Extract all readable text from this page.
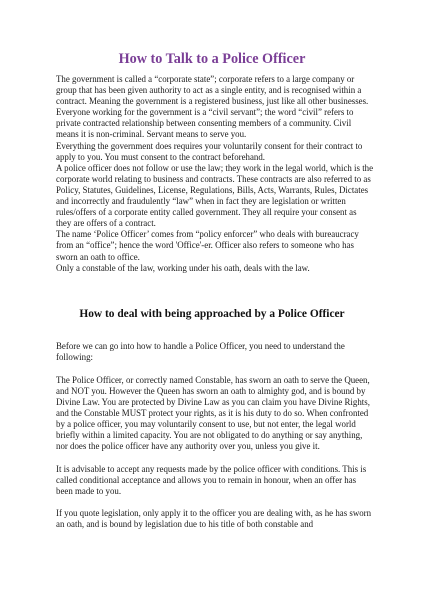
How to Talk to a Police Officer

The government is called a “corporate state”; corporate refers to a large company or group that has been given authority to act as a single entity, and is recognised within a contract. Meaning the government is a registered business, just like all other businesses.

Everyone working for the government is a “civil servant”; the word “civil” refers to private contracted relationship between consenting members of a community. Civil means it is non-criminal. Servant means to serve you.

Everything the government does requires your voluntarily consent for their contract to apply to you. You must consent to the contract beforehand.

A police officer does not follow or use the law; they work in the legal world, which is the corporate world relating to business and contracts. These contracts are also referred to as Policy, Statutes, Guidelines, License, Regulations, Bills, Acts, Warrants, Rules, Dictates and incorrectly and fraudulently “law” when in fact they are legislation or written rules/offers of a corporate entity called government. They all require your consent as they are offers of a contract.

The name ‘Police Officer’ comes from “policy enforcer” who deals with bureaucracy from an “office”; hence the word 'Office'-er. Officer also refers to someone who has sworn an oath to office.

Only a constable of the law, working under his oath, deals with the law.

How to deal with being approached by a Police Officer

Before we can go into how to handle a Police Officer, you need to understand the following:

The Police Officer, or correctly named Constable, has sworn an oath to serve the Queen, and NOT you. However the Queen has sworn an oath to almighty god, and is bound by Divine Law. You are protected by Divine Law as you can claim you have Divine Rights, and the Constable MUST protect your rights, as it is his duty to do so. When confronted by a police officer, you may voluntarily consent to use, but not enter, the legal world briefly within a limited capacity. You are not obligated to do anything or say anything, nor does the police officer have any authority over you, unless you give it.

It is advisable to accept any requests made by the police officer with conditions. This is called conditional acceptance and allows you to remain in honour, when an offer has been made to you.

If you quote legislation, only apply it to the officer you are dealing with, as he has sworn an oath, and is bound by legislation due to his title of both constable and
